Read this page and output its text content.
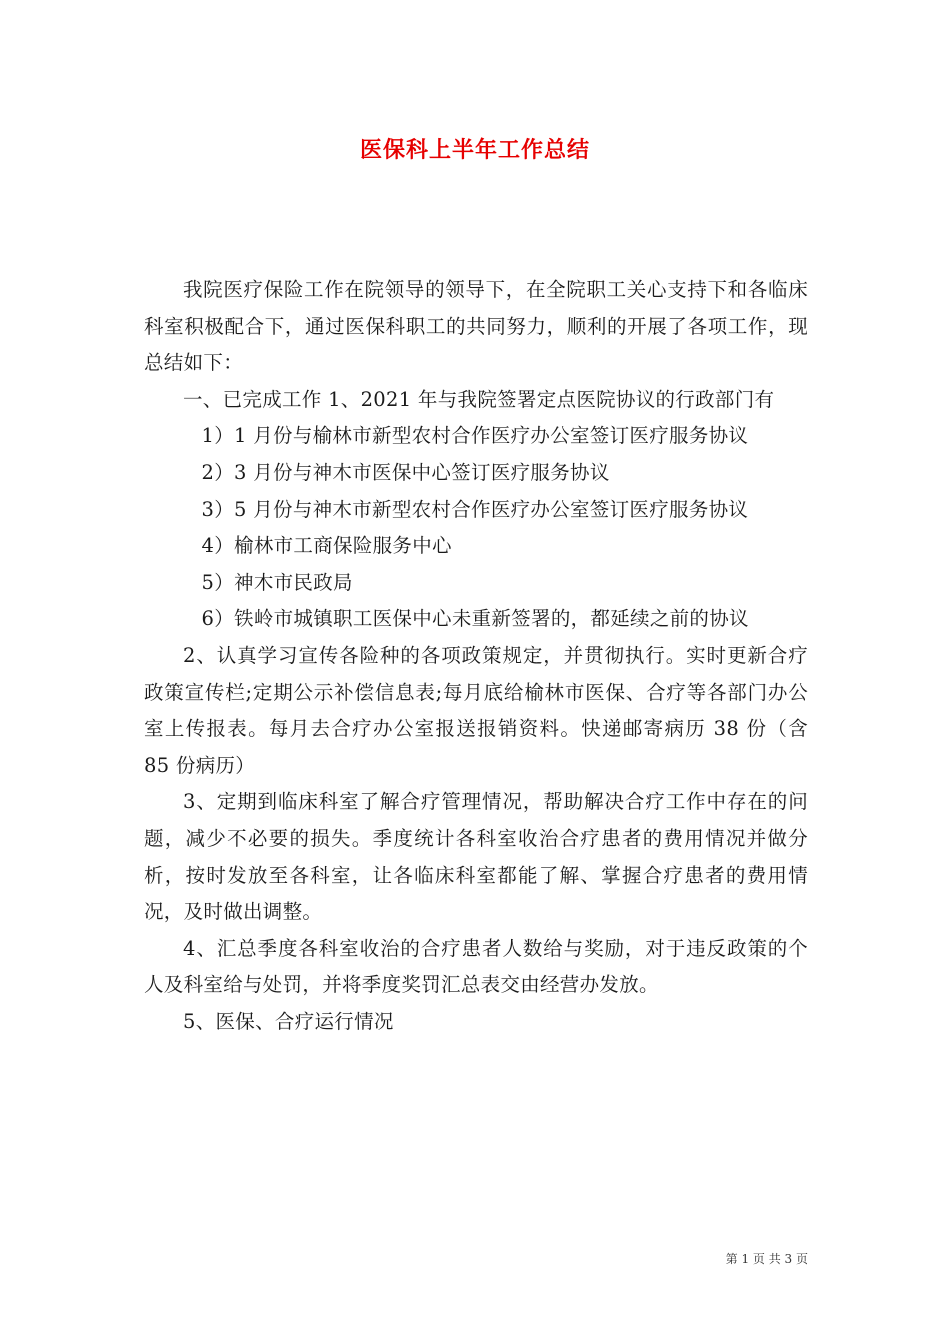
医保科上半年工作总结

我院医疗保险工作在院领导的领导下，在全院职工关心支持下和各临床科室积极配合下，通过医保科职工的共同努力，顺利的开展了各项工作，现总结如下：

一、已完成工作 1、2021 年与我院签署定点医院协议的行政部门有

1）1 月份与榆林市新型农村合作医疗办公室签订医疗服务协议

2）3 月份与神木市医保中心签订医疗服务协议

3）5 月份与神木市新型农村合作医疗办公室签订医疗服务协议

4）榆林市工商保险服务中心

5）神木市民政局

6）铁岭市城镇职工医保中心未重新签署的，都延续之前的协议

2、认真学习宣传各险种的各项政策规定，并贯彻执行。实时更新合疗政策宣传栏;定期公示补偿信息表;每月底给榆林市医保、合疗等各部门办公室上传报表。每月去合疗办公室报送报销资料。快递邮寄病历 38 份（含 85 份病历）

3、定期到临床科室了解合疗管理情况，帮助解决合疗工作中存在的问题，减少不必要的损失。季度统计各科室收治合疗患者的费用情况并做分析，按时发放至各科室，让各临床科室都能了解、掌握合疗患者的费用情况，及时做出调整。

4、汇总季度各科室收治的合疗患者人数给与奖励，对于违反政策的个人及科室给与处罚，并将季度奖罚汇总表交由经营办发放。

5、医保、合疗运行情况

第 1 页 共 3 页
